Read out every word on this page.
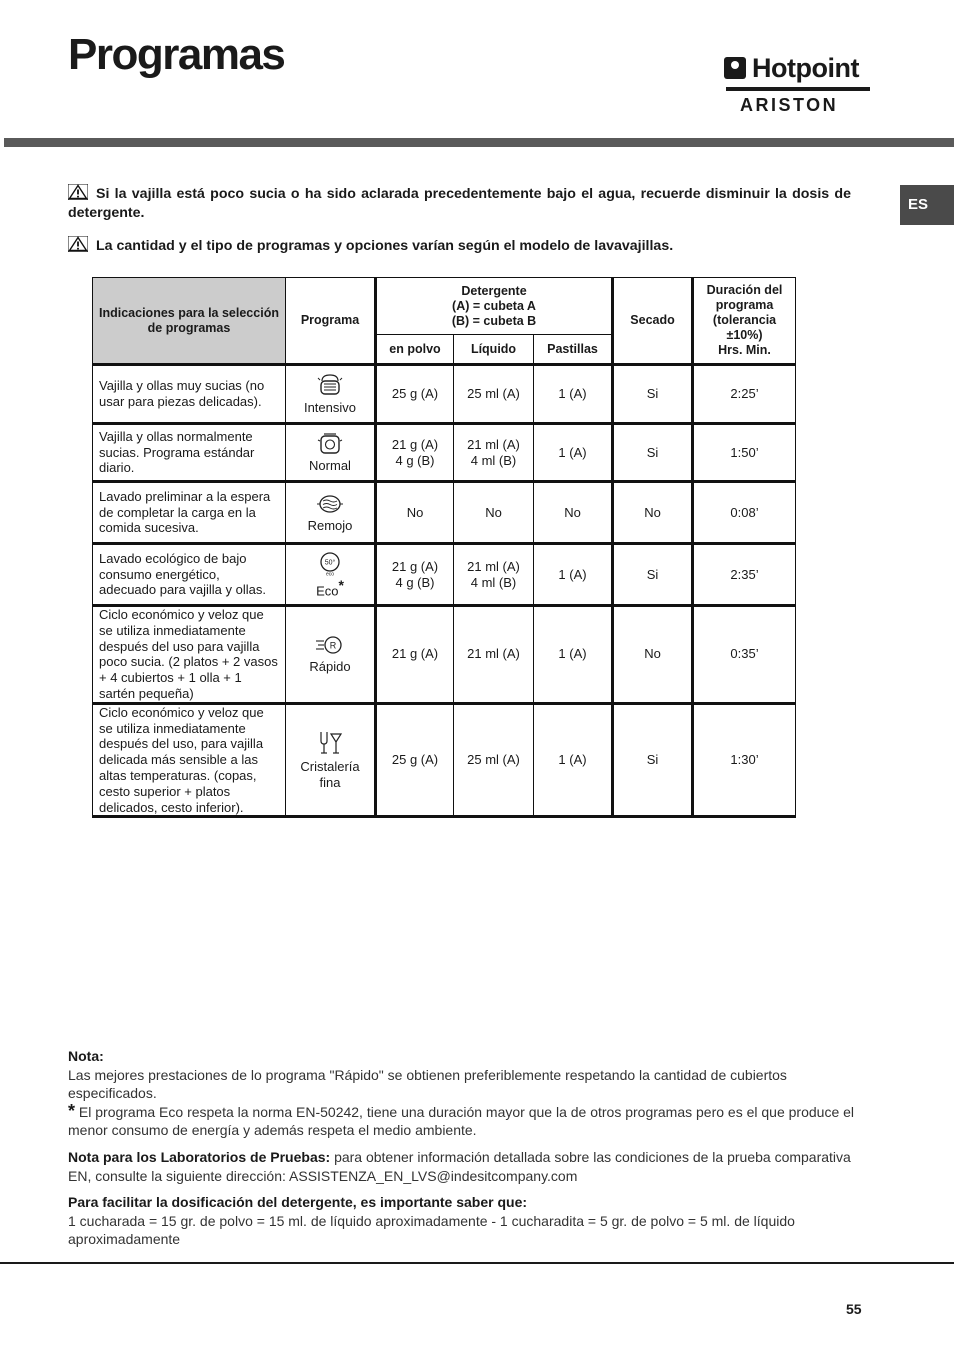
Programas	Hotpoint
ARISTON
ES
Si la vajilla está poco sucia o ha sido aclarada precedentemente bajo el agua, recuerde disminuir la dosis de detergente.
La cantidad y el tipo de programas y opciones varían según el modelo de lavavajillas.
Indicaciones para la selección de programas	Programa	Detergente
(A) = cubeta A
(B) = cubeta B			Secado	Duración del
programa
(tolerancia
±10%)
Hrs. Min.
		en polvo	Líquido	Pastillas		
Vajilla y ollas muy sucias (no usar para piezas delicadas).	Intensivo	25 g (A)	25 ml (A)	1 (A)	Si	2:25’
Vajilla y ollas normalmente sucias. Programa estándar diario.	Normal	21 g (A)
4 g (B)	21 ml (A)
4 ml (B)	1 (A)	Si	1:50’
Lavado preliminar a la espera de completar la carga en la comida sucesiva.	Remojo	No	No	No	No	0:08’
Lavado ecológico de bajo consumo energético, adecuado para vajilla y ollas.	50°
eco
Eco*	21 g (A)
4 g (B)	21 ml (A)
4 ml (B)	1 (A)	Si	2:35’
Ciclo económico y veloz que se utiliza inmediatamente después del uso para vajilla poco sucia. (2 platos + 2 vasos + 4 cubiertos + 1 olla + 1 sartén pequeña)	R
Rápido	21 g (A)	21 ml (A)	1 (A)	No	0:35’
Ciclo económico y veloz que se utiliza inmediatamente después del uso, para vajilla delicada más sensible a las altas temperaturas. (copas, cesto superior + platos delicados, cesto inferior).	Cristalería
fina	25 g (A)	25 ml (A)	1 (A)	Si	1:30’

Nota:

Las mejores prestaciones de lo programa "Rápido" se obtienen preferiblemente respetando la cantidad de cubiertos especificados.

* El programa Eco respeta la norma EN-50242, tiene una duración mayor que la de otros programas pero es el que produce el menor consumo de energía y además respeta el medio ambiente.

Nota para los Laboratorios de Pruebas: para obtener información detallada sobre las condiciones de la prueba comparativa EN, consulte la siguiente dirección: ASSISTENZA_EN_LVS@indesitcompany.com

Para facilitar la dosificación del detergente, es importante saber que:

1 cucharada = 15 gr. de polvo = 15 ml. de líquido aproximadamente - 1 cucharadita = 5 gr. de polvo = 5 ml. de líquido aproximadamente

55
